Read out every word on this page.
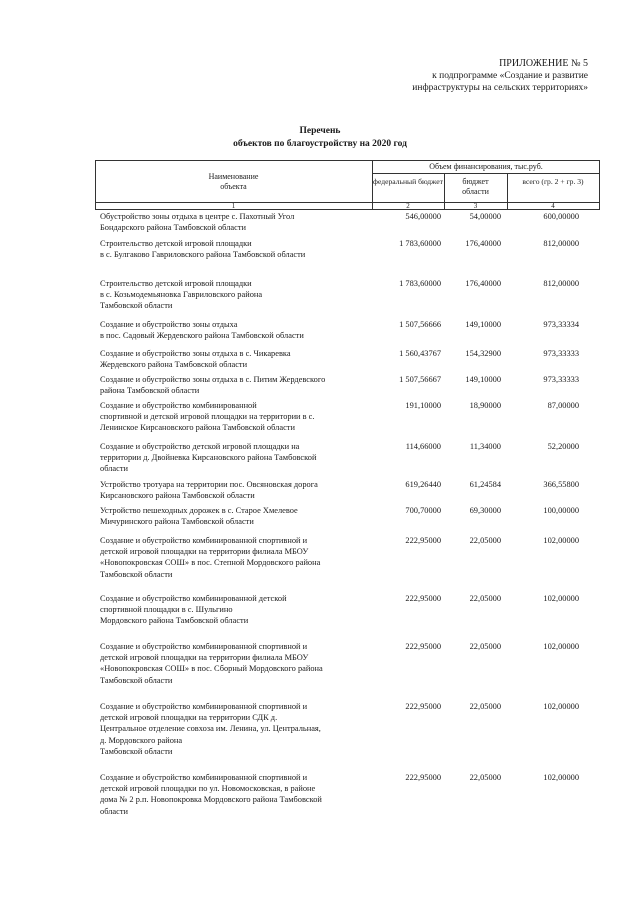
ПРИЛОЖЕНИЕ № 5
к подпрограмме «Создание и развитие
инфраструктуры на сельских территориях»
Перечень
объектов по благоустройству на 2020 год
Наименование
объекта
Объем финансирования, тыс.руб.
федеральный бюджет	бюджет
области
всего (гр. 2 + гр. 3)
1	2	3	4
Обустройство зоны отдыха в центре с. Пахотный Угол
Бондарского района Тамбовской области
546,00000	54,00000	600,00000
Строительство детской игровой площадки
в с. Булгаково Гавриловского района Тамбовской области
1 783,60000	176,40000	812,00000
Строительство детской игровой площадки
в с. Козьмодемьяновка Гавриловского района
Тамбовской области
1 783,60000	176,40000	812,00000
Создание и обустройство зоны отдыха
в пос. Садовый Жердевского района Тамбовской области
1 507,56666	149,10000	973,33334
Создание и обустройство зоны отдыха в с. Чикаревка
Жердевского района Тамбовской области
1 560,43767	154,32900	973,33333
Создание и обустройство зоны отдыха в с. Питим Жердевского
района Тамбовской области
1 507,56667	149,10000	973,33333
Создание и обустройство комбинированной
спортивной и детской игровой площадки на территории в с.
Ленинское Кирсановского района Тамбовской области
191,10000	18,90000	87,00000
Создание и обустройство детской игровой площадки на
территории д. Двойневка Кирсановского района Тамбовской
области
114,66000	11,34000	52,20000
Устройство тротуара на территории пос. Овсяновская дорога
Кирсановского района Тамбовской области
619,26440	61,24584	366,55800
Устройство пешеходных дорожек в с. Старое Хмелевое
Мичуринского района Тамбовской области
700,70000	69,30000	100,00000
Создание и обустройство комбинированной спортивной и
детской игровой площадки на территории филиала МБОУ
«Новопокровская СОШ» в пос. Степной Мордовского района
Тамбовской области
222,95000	22,05000	102,00000
Создание и обустройство комбинированной детской
спортивной площадки в с. Шульгино
Мордовского района Тамбовской области
222,95000	22,05000	102,00000
Создание и обустройство комбинированной спортивной и
детской игровой площадки на территории филиала МБОУ
«Новопокровская СОШ» в пос. Сборный Мордовского района
Тамбовской области
222,95000	22,05000	102,00000
Создание и обустройство комбинированной спортивной и
детской игровой площадки на территории СДК д.
Центральное отделение совхоза им. Ленина, ул. Центральная,
д. Мордовского района
Тамбовской области
222,95000	22,05000	102,00000
Создание и обустройство комбинированной спортивной и
детской игровой площадки по ул. Новомосковская, в районе
дома № 2 р.п. Новопокровка Мордовского района Тамбовской
области
222,95000	22,05000	102,00000
